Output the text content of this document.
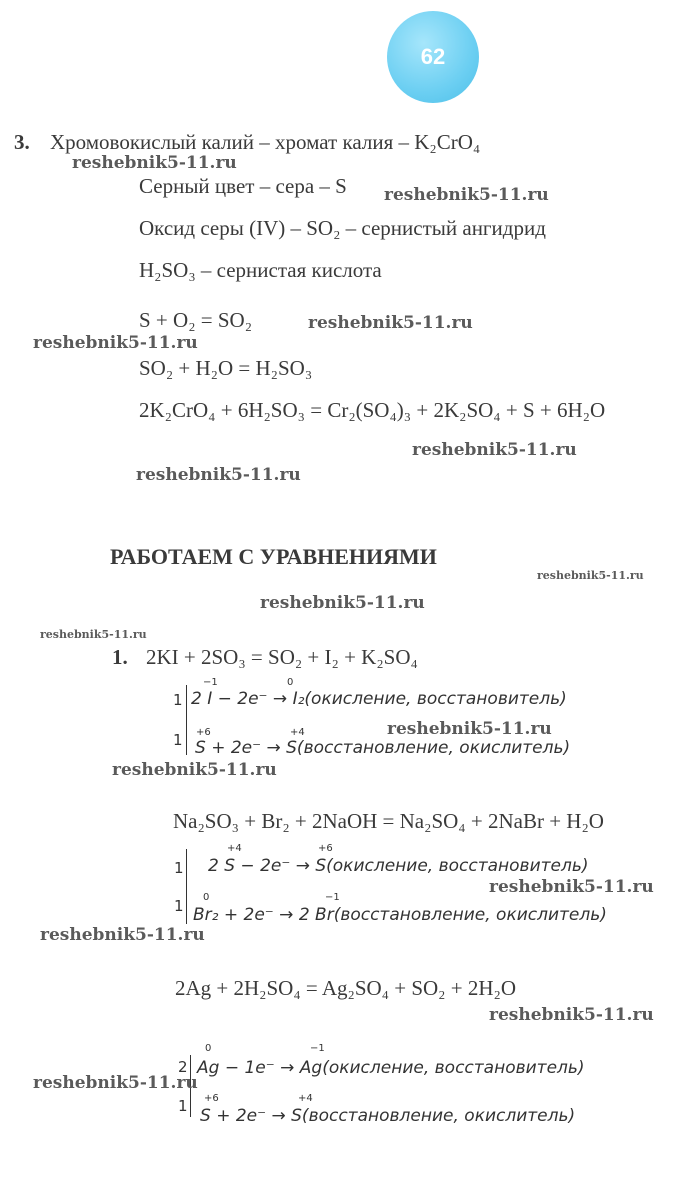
62
3. Хромовокислый калий – хромат калия – K₂CrO₄
reshebnik5-11.ru
Серный цвет – сера – S reshebnik5-11.ru
Оксид серы (IV) – SO₂ – сернистый ангидрид
H₂SO₃ – сернистая кислота
S + O₂ = SO₂	reshebnik5-11.ru
reshebnik5-11.ru
SO₂ + H₂O = H₂SO₃
2K₂CrO₄ + 6H₂SO₃ = Cr₂(SO₄)₃ + 2K₂SO₄ + S + 6H₂O
reshebnik5-11.ru
reshebnik5-11.ru
РАБОТАЕМ С УРАВНЕНИЯМИ
reshebnik5-11.ru
reshebnik5-11.ru
reshebnik5-11.ru
1. 2KI + 2SO₃ = SO₂ + I₂ + K₂SO₄
1
−1	0
2 I − 2e⁻ → I₂(окисление, восстановитель)
1 +6	+4
S + 2e⁻ → S(восстановление, окислитель)
reshebnik5-11.ru
reshebnik5-11.ru
Na₂SO₃ + Br₂ + 2NaOH = Na₂SO₄ + 2NaBr + H₂O
1
+4	+6
2 S − 2e⁻ → S(окисление, восстановитель)
reshebnik5-11.ru
1 0	−1
Br₂ + 2e⁻ → 2 Br(восстановление, окислитель)
reshebnik5-11.ru
2Ag + 2H₂SO₄ = Ag₂SO₄ + SO₂ + 2H₂O
reshebnik5-11.ru
2
0	−1
Ag − 1e⁻ → Ag(окисление, восстановитель)
reshebnik5-11.ru
1 +6	+4
S + 2e⁻ → S(восстановление, окислитель)
